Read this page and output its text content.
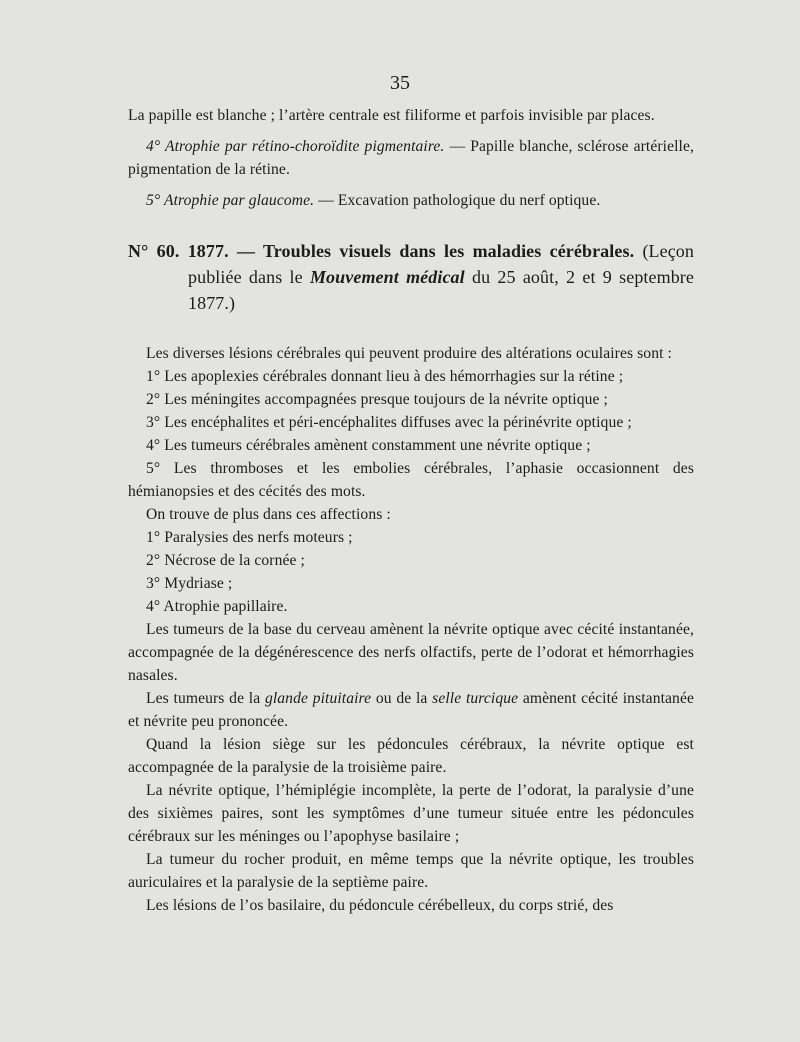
35

La papille est blanche ; l’artère centrale est filiforme et parfois invisible par places.

4° Atrophie par rétino-choroïdite pigmentaire. — Papille blanche, sclérose artérielle, pigmentation de la rétine.

5° Atrophie par glaucome. — Excavation pathologique du nerf optique.

N° 60. 1877. — Troubles visuels dans les maladies cérébrales. (Leçon publiée dans le Mouvement médical du 25 août, 2 et 9 septembre 1877.)

Les diverses lésions cérébrales qui peuvent produire des altérations oculaires sont :

1° Les apoplexies cérébrales donnant lieu à des hémorrhagies sur la rétine ;

2° Les méningites accompagnées presque toujours de la névrite optique ;

3° Les encéphalites et péri-encéphalites diffuses avec la périnévrite optique ;

4° Les tumeurs cérébrales amènent constamment une névrite optique ;

5° Les thromboses et les embolies cérébrales, l’aphasie occasionnent des hémianopsies et des cécités des mots.

On trouve de plus dans ces affections :

1° Paralysies des nerfs moteurs ;

2° Nécrose de la cornée ;

3° Mydriase ;

4° Atrophie papillaire.

Les tumeurs de la base du cerveau amènent la névrite optique avec cécité instantanée, accompagnée de la dégénérescence des nerfs olfactifs, perte de l’odorat et hémorrhagies nasales.

Les tumeurs de la glande pituitaire ou de la selle turcique amènent cécité instantanée et névrite peu prononcée.

Quand la lésion siège sur les pédoncules cérébraux, la névrite optique est accompagnée de la paralysie de la troisième paire.

La névrite optique, l’hémiplégie incomplète, la perte de l’odorat, la paralysie d’une des sixièmes paires, sont les symptômes d’une tumeur située entre les pédoncules cérébraux sur les méninges ou l’apophyse basilaire ;

La tumeur du rocher produit, en même temps que la névrite optique, les troubles auriculaires et la paralysie de la septième paire.

Les lésions de l’os basilaire, du pédoncule cérébelleux, du corps strié, des
